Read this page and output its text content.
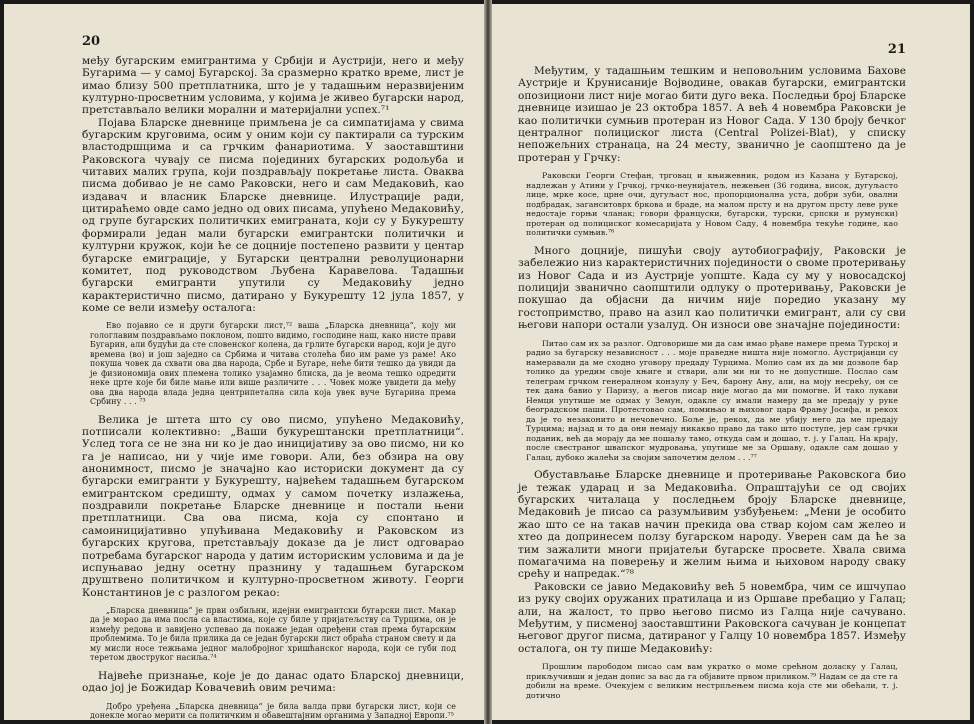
20

међу бугарским емигрантима у Србији и Аустрији, него и међу Бугарима — у самој Бугарској. За сразмерно кратко време, лист је имао близу 500 претплатника, што је у тадашњим неразвијеним културно-просветним условима, у којима је живео бугарски народ, претстављало велики морални и материјални успех.⁷¹

Појава Бларске дневнице примљена је са симпатијама у свима бугарским круговима, осим у оним који су пактирали са турским властодршцима и са грчким фанариотима. У заоставштини Раковскога чувају се писма појединих бугарских родољуба и читавих малих група, који поздрављају покретање листа. Оваква писма добивао је не само Раковски, него и сам Медаковић, као издавач и власник Бларске дневнице. Илустрације ради, цитираћемо овде само једно од ових писама, упућено Медаковићу, од групе бугарских политичких емиграната, који су у Букурешту формирали један мали бугарски емигрантски политички и културни кружок, који ће се доцније постепено развити у центар бугарске емиграције, у Бугарски централни револуционарни комитет, под руководством Љубена Каравелова. Тадашњи бугарски емигранти упутили су Медаковићу једно карактеристично писмо, датирано у Букурешту 12 јула 1857, у коме се вели између осталога:

Ево појавио се и други бугарски лист,⁷² ваша „Бларска дневница“, коју ми гологлавим поздрављамо поклоном, пошто видимо, господине наш, како нисте прави Бугарин, али будући да сте словенског колена, да грлите бугарски народ, који је дуго времена (во) и још заједно са Србима и читава столећа био им раме уз раме! Ако покуша човек да схвати ова два народа, Србе и Бугаре, неће бити тешко да увиди да је физиономија ових племена толико узајамно блиска, да је веома тешко одредити неке црте које би биле мање или више различите . . . Човек може увидети да међу ова два народа влада једна центрипетална сила која увек вуче Бугарина према Србину . . . ⁷³

Велика је штета што су ово писмо, упућено Медаковићу, потписали колективно: „Ваши букурештански претплатници“. Услед тога се не зна ни ко је дао иницијативу за ово писмо, ни ко га је написао, ни у чије име говори. Али, без обзира на ову анонимност, писмо је значајно као историски документ да су бугарски емигранти у Букурешту, највећем тадашњем бугарском емигрантском средишту, одмах у самом почетку излажења, поздравили покретање Бларске дневнице и постали њени претплатници. Сва ова писма, која су спонтано и самоиницијативно упућивана Медаковићу и Раковском из бугарских кругова, претстављају доказе да је лист одговарао потребама бугарског народа у датим историским условима и да је испуњавао једну осетну празнину у тадашњем бугарском друштвено политичком и културно-просветном животу. Георги Константинов је с разлогом рекао:

„Бларска дневница“ је први озбиљни, идејни емигрантски бугарски лист. Макар да је морао да има посла са властима, које су биле у пријатељству са Турцима, он је између редова и завијено успевао да покаже један одређени став према бугарским проблемима. То је била прилика да се један бугарски лист обраћа страном свету и да му мисли носе тежњама једног малобројног хришћанског народа, који се губи под теретом двоструког насиља.⁷⁴

Највеће признање, које је до данас одато Бларској дневници, одао јој је Божидар Ковачевић овим речима:

Добро уређена „Бларска дневница“ је била валда први бугарски лист, који се донекле могао мерити са политичким и обавештајним органима у Западној Европи.⁷⁵

21

Међутим, у тадашњим тешким и неповољним условима Бахове Аустрије и Крунисаније Војводине, овакав бугарски, емигрантски опозициони лист није могао бити дуго века. Последњи број Бларске дневнице изишао је 23 октобра 1857. А већ 4 новембра Раковски је као политички сумњив протеран из Новог Сада. У 130 броју бечког централног полициског листа (Central Polizei-Blat), у списку непожељних странаца, на 24 месту, званично је саопштено да је протеран у Грчку:

Раковски Георги Стефан, трговац и књижевник, родом из Казана у Бугарској, надлежан у Атини у Грчкој, грчко-неуниjaтељ, нежењен (36 година, висок, дугуљасто лице, мрке косе, црне очи, дугуљаст нос, пропорционална уста, добри зуби, овални подбрадак, заганситоврх бркова и браде, на малом прсту и на другом прсту леве руке недостаје горњи чланак; говори француски, бугарски, турски, српски и румунски) протеран од полициског комесаријата у Новом Саду, 4 новембра текуће године, као политички сумњив.⁷⁶

Много доцније, пишући своју аутобиографију, Раковски је забележио низ карактеристичних појединости о своме протеривању из Новог Сада и из Аустрије уопште. Када су му у новосадској полицији званично саопштили одлуку о протеривању, Раковски је покушао да објасни да ничим није поредио указану му гостопримство, право на азил као политички емигрант, али су сви његови напори остали узалуд. Он износи ове значајне појединости:

Питао сам их за разлог. Одговорише ми да сам имао рђаве намере према Турској и радио за бугарску независност . . . моје праведне ништа није помогло. Аустријанци су намеравали да ме сходно уговору предаду Турцима. Молио сам их да ми дозволе бар толико да уредим своје књиге и ствари, али ми ни то не допустише. Послао сам телеграм грчком генералном конзулу у Беч, барону Ану, али, на моју несрећу, он се тек дана бавио у Паризу, а његов писар није могао да ми помогне. И тако лукави Немци упутише ме одмах у Земун, одакле су имали намеру да ме предају у руке београдском паши. Протестовао сам, помињао и њиховог цара Фрању Јосифа, и рекох да је то незаконито и нечовечно. Боље је, рекох, да ме убију него да ме предају Турцима; најзад и то да они немају никакво право да тако што поступе, јер сам грчки поданик, већ да морају да ме пошаљу тамо, откуда сам и дошао, т. ј. у Галац. На крају, после свестраног швапског мудровања, упутише ме за Оршаву, одакле сам дошао у Галац, дубоко жалећи за својим започетим делом . . .⁷⁷

Обустављање Бларске дневнице и протеривање Раковскога био је тежак ударац и за Медаковића. Опраштајући се од својих бугарских читалаца у последњем броју Бларске дневнице, Медаковић је писао са разумљивим узбуђењем: „Мени је особито жао што се на такав начин прекида ова ствар којом сам желео и хтео да допринесем ползу бугарском народу. Уверен сам да ће за тим зажалити многи пријатељи бугарске просвете. Хвала свима помагачима на поверењу и желим њима и њиховом народу сваку срећу и напредак.“⁷⁸

Раковски се јавио Медаковићу већ 5 новембра, чим се ишчупао из руку својих оружаних пратилаца и из Оршаве пребацио у Галац; али, на жалост, то прво његово писмо из Галца није сачувано. Међутим, у писменој заоставштини Раковскога сачуван је концепат његовог другог писма, датираног у Галцу 10 новембра 1857. Између осталога, он ту пише Медаковићу:

Прошлим парободом писао сам вам укратко о моме срећном доласку у Галац, прикључивши и један допис за вас да га објавите првом приликом.⁷⁹ Надам се да сте га добили на време. Очекујем с великим нестрпљењем писма која сте ми обећали, т. ј. дотично
